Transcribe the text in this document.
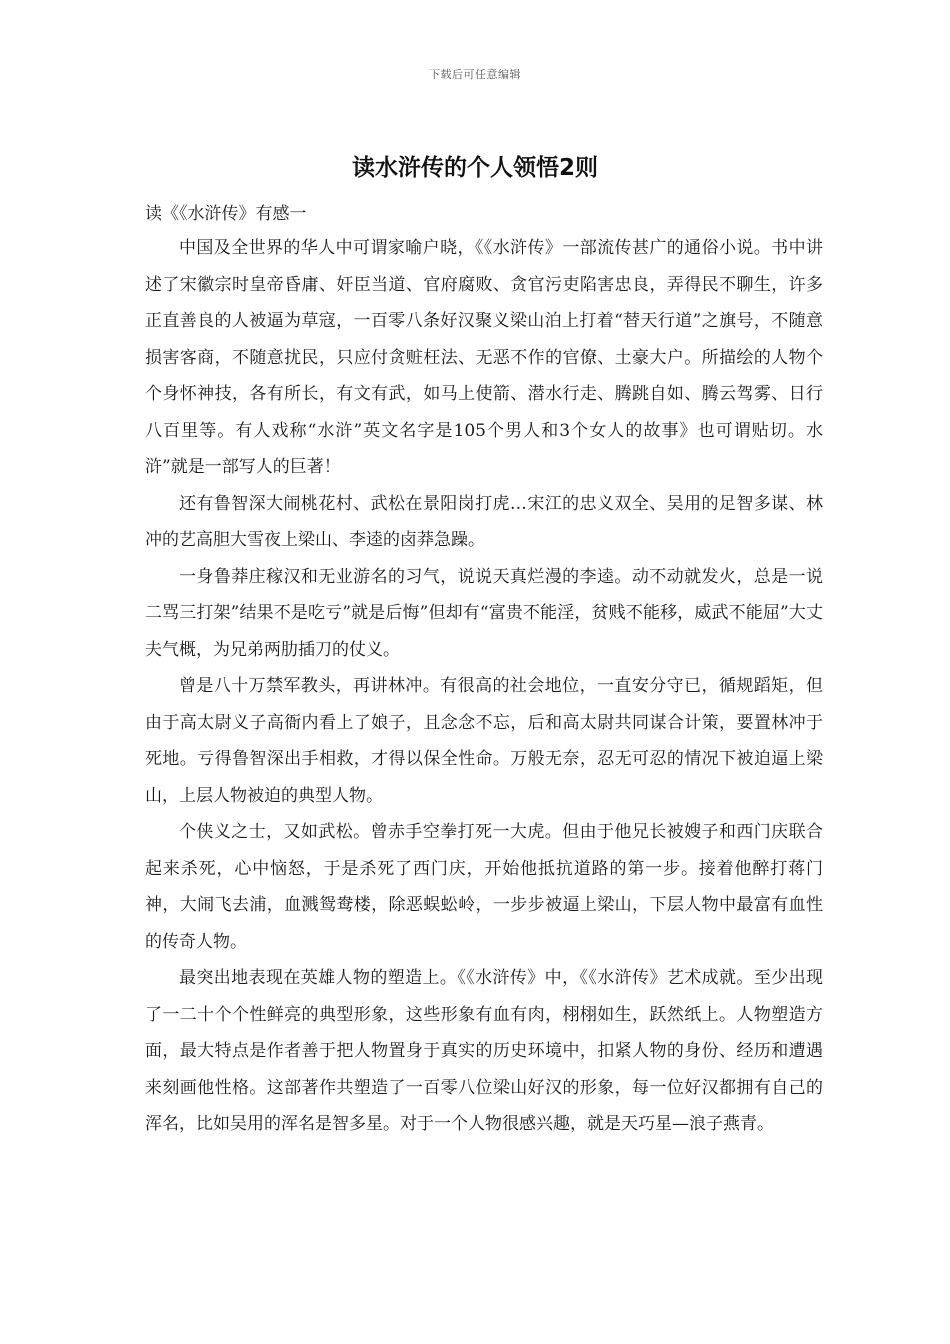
下载后可任意编辑
读水浒传的个人领悟2则
读《《水浒传》有感一

中国及全世界的华人中可谓家喻户晓，《《水浒传》一部流传甚广的通俗小说。书中讲述了宋徽宗时皇帝昏庸、奸臣当道、官府腐败、贪官污吏陷害忠良，弄得民不聊生，许多正直善良的人被逼为草寇，一百零八条好汉聚义梁山泊上打着“替天行道”之旗号，不随意损害客商，不随意扰民，只应付贪赃枉法、无恶不作的官僚、土豪大户。所描绘的人物个个身怀神技，各有所长，有文有武，如马上使箭、潜水行走、腾跳自如、腾云驾雾、日行八百里等。有人戏称“水浒”英文名字是105个男人和3个女人的故事》也可谓贴切。水浒”就是一部写人的巨著！

还有鲁智深大闹桃花村、武松在景阳岗打虎…宋江的忠义双全、吴用的足智多谋、林冲的艺高胆大雪夜上梁山、李逵的卤莽急躁。

一身鲁莽庄稼汉和无业游名的习气，说说天真烂漫的李逵。动不动就发火，总是一说二骂三打架”结果不是吃亏”就是后悔”但却有“富贵不能淫，贫贱不能移，威武不能屈”大丈夫气概，为兄弟两肋插刀的仗义。

曾是八十万禁军教头，再讲林冲。有很高的社会地位，一直安分守已，循规蹈矩，但由于高太尉义子高衙内看上了娘子，且念念不忘，后和高太尉共同谋合计策，要置林冲于死地。亏得鲁智深出手相救，才得以保全性命。万般无奈，忍无可忍的情况下被迫逼上梁山，上层人物被迫的典型人物。

个侠义之士，又如武松。曾赤手空拳打死一大虎。但由于他兄长被嫂子和西门庆联合起来杀死，心中恼怒，于是杀死了西门庆，开始他抵抗道路的第一步。接着他醉打蒋门神，大闹飞去浦，血溅鸳鸯楼，除恶蜈蚣岭，一步步被逼上梁山，下层人物中最富有血性的传奇人物。

最突出地表现在英雄人物的塑造上。《《水浒传》中，《《水浒传》艺术成就。至少出现了一二十个个性鲜亮的典型形象，这些形象有血有肉，栩栩如生，跃然纸上。人物塑造方面，最大特点是作者善于把人物置身于真实的历史环境中，扣紧人物的身份、经历和遭遇来刻画他性格。这部著作共塑造了一百零八位梁山好汉的形象，每一位好汉都拥有自己的浑名，比如吴用的浑名是智多星。对于一个人物很感兴趣，就是天巧星—浪子燕青。
